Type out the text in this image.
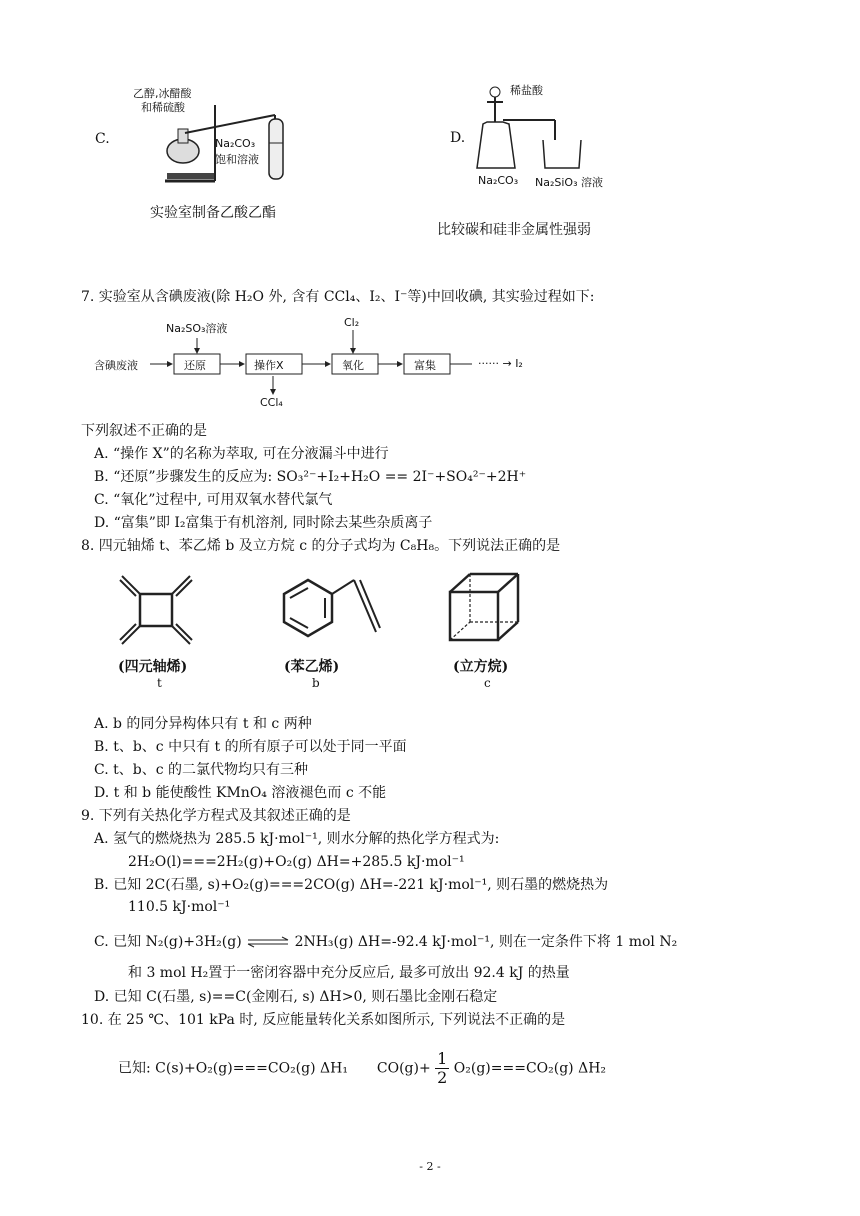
C.
乙醇,冰醋酸
和稀硫酸
Na₂CO₃
饱和溶液
实验室制备乙酸乙酯
D.
稀盐酸
Na₂CO₃ Na₂SiO₃ 溶液
比较碳和硅非金属性强弱
7. 实验室从含碘废液(除 H₂O 外, 含有 CCl₄、I₂、I⁻等)中回收碘, 其实验过程如下:
含碘废液	还原	操作X	氧化	富集	······ → I₂
Na₂SO₃溶液
CCl₄
Cl₂
下列叙述不正确的是
A. “操作 X”的名称为萃取, 可在分液漏斗中进行
B. “还原”步骤发生的反应为: SO₃²⁻+I₂+H₂O == 2I⁻+SO₄²⁻+2H⁺
C. “氧化”过程中, 可用双氧水替代氯气
D. “富集”即 I₂富集于有机溶剂, 同时除去某些杂质离子
8. 四元轴烯 t、苯乙烯 b 及立方烷 c 的分子式均为 C₈H₈。下列说法正确的是
(四元轴烯)
t
(苯乙烯)
b
(立方烷)
c
A. b 的同分异构体只有 t 和 c 两种
B. t、b、c 中只有 t 的所有原子可以处于同一平面
C. t、b、c 的二氯代物均只有三种
D. t 和 b 能使酸性 KMnO₄ 溶液褪色而 c 不能
9. 下列有关热化学方程式及其叙述正确的是
A. 氢气的燃烧热为 285.5 kJ·mol⁻¹, 则水分解的热化学方程式为:
2H₂O(l)===2H₂(g)+O₂(g) ΔH=+285.5 kJ·mol⁻¹
B. 已知 2C(石墨, s)+O₂(g)===2CO(g) ΔH=-221 kJ·mol⁻¹, 则石墨的燃烧热为
110.5 kJ·mol⁻¹
C. 已知 N₂(g)+3H₂(g) ⇌ 2NH₃(g) ΔH=-92.4 kJ·mol⁻¹, 则在一定条件下将 1 mol N₂
和 3 mol H₂置于一密闭容器中充分反应后, 最多可放出 92.4 kJ 的热量
D. 已知 C(石墨, s)==C(金刚石, s) ΔH>0, 则石墨比金刚石稳定
10. 在 25 ℃、101 kPa 时, 反应能量转化关系如图所示, 下列说法不正确的是
已知: C(s)+O₂(g)===CO₂(g) ΔH₁ $CO(g)+ \frac{1}{2} O_2(g)===CO_2(g)$ ΔH₂
- 2 -
